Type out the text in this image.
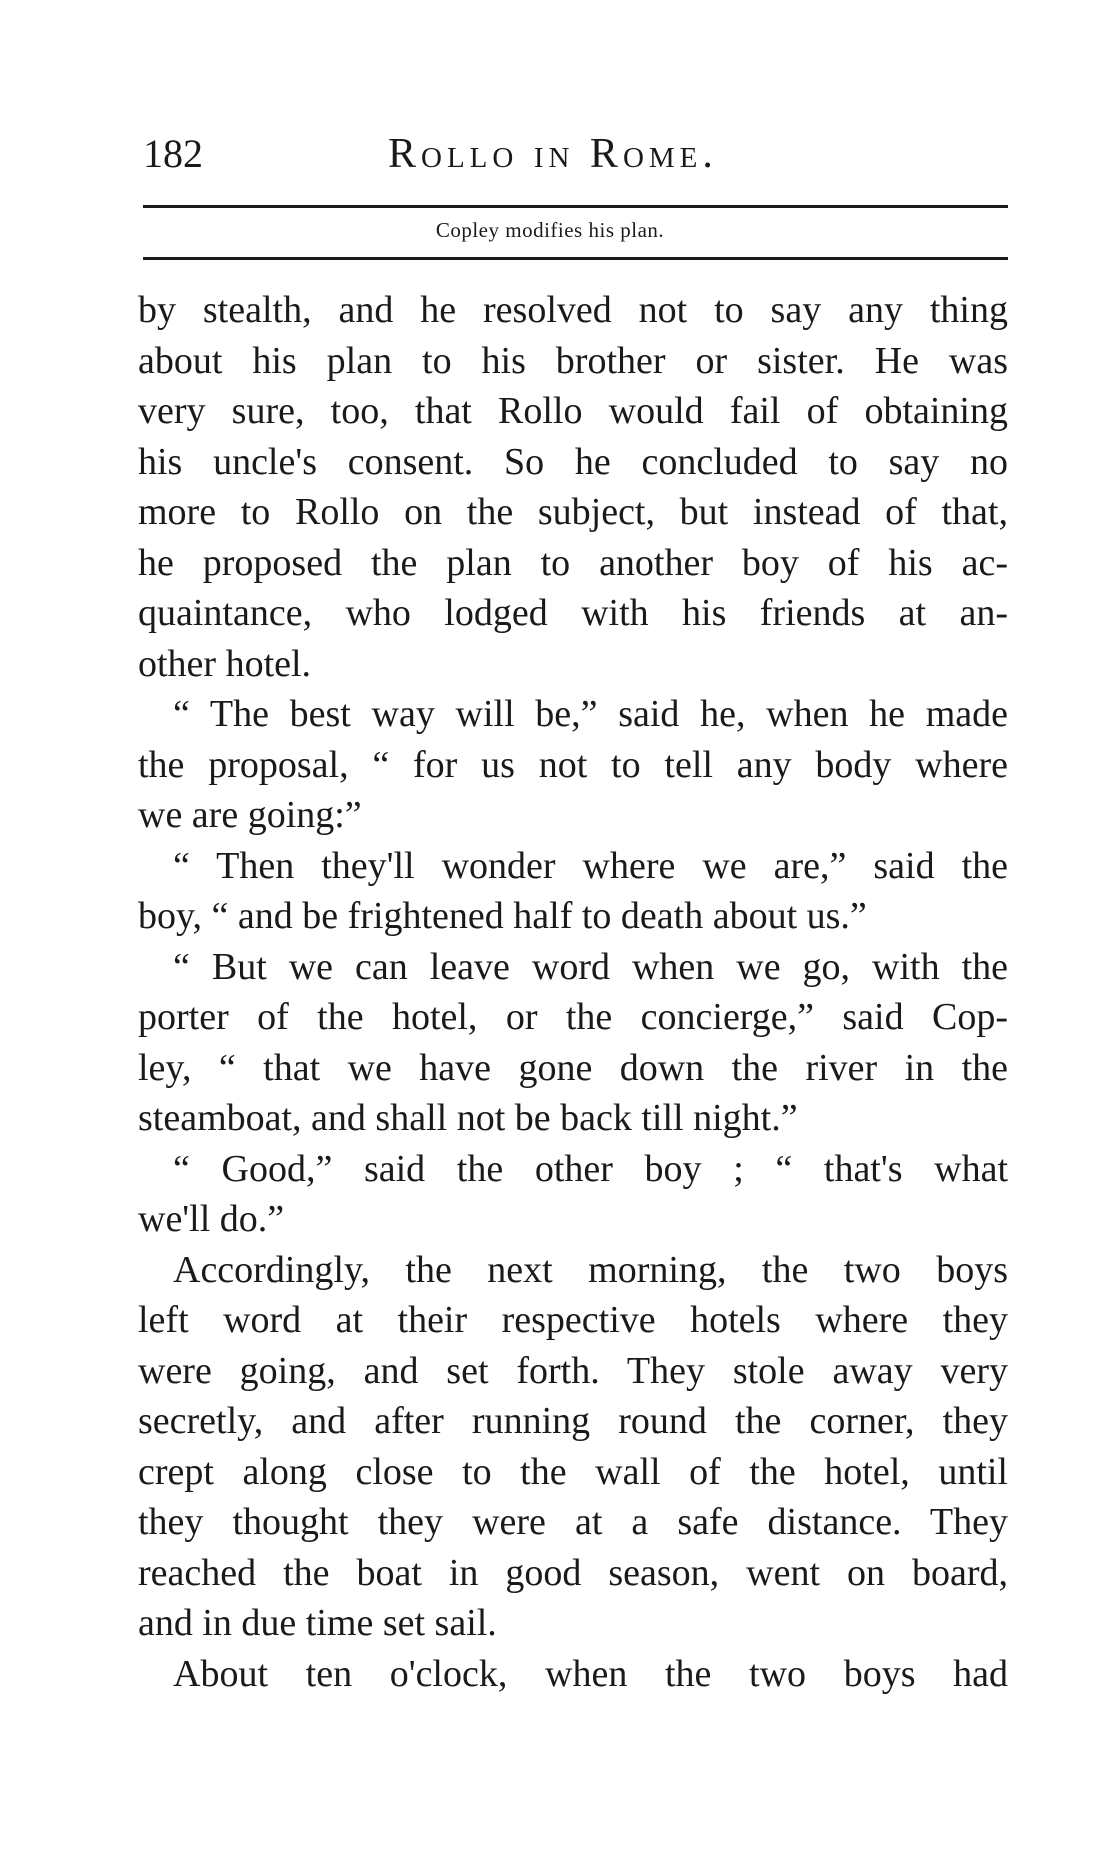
182	Rollo in Rome.
Copley modifies his plan.
by stealth, and he resolved not to say any thing
about his plan to his brother or sister. He was
very sure, too, that Rollo would fail of obtaining
his uncle's consent. So he concluded to say no
more to Rollo on the subject, but instead of that,
he proposed the plan to another boy of his ac-
quaintance, who lodged with his friends at an-
other hotel.
“ The best way will be,” said he, when he made
the proposal, “ for us not to tell any body where
we are going:”
“ Then they'll wonder where we are,” said the
boy, “ and be frightened half to death about us.”
“ But we can leave word when we go, with the
porter of the hotel, or the concierge,” said Cop-
ley, “ that we have gone down the river in the
steamboat, and shall not be back till night.”
“ Good,” said the other boy ; “ that's what
we'll do.”
Accordingly, the next morning, the two boys
left word at their respective hotels where they
were going, and set forth. They stole away very
secretly, and after running round the corner, they
crept along close to the wall of the hotel, until
they thought they were at a safe distance. They
reached the boat in good season, went on board,
and in due time set sail.
About ten o'clock, when the two boys had
